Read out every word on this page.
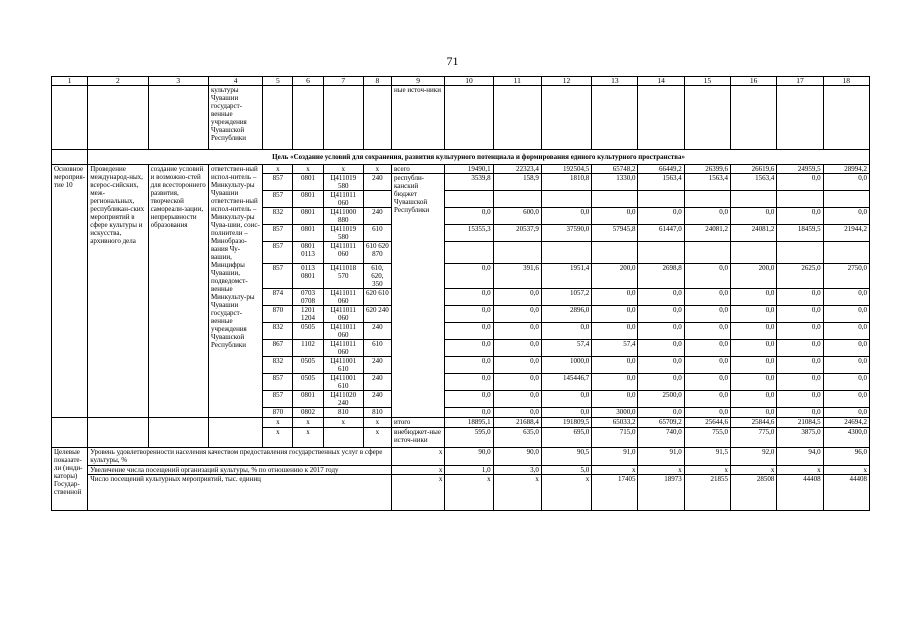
71
1	2	3	4	5	6	7	8	9	10	11	12	13	14	15	16	17	18
			культуры Чувашии государст-венные учреждения Чувашской Республики					ные источ-ники									
	Цель «Создание условий для сохранения, развития культурного потенциала и формирования единого культурного пространства»																
Основное мероприя-тие 10	Проведение международ-ных, всерос-сийских, меж-региональных, республикан-ских мероприятий в сфере культуры и искусства, архивного дела	создание условий и возможно-стей для всестороннего развития, творческой самореали-зации, непрерывности образования	ответствен-ный испол-нитель – Минкульту-ры Чувашии ответствен-ный испол-нитель – Минкульту-ры Чува-шии, соис-полнители – Минобразо-вания Чу-вашии, Минцифры Чувашии, подведомст-венные Минкульту-ры Чувашии государст-венные учреждения Чувашской Республики	x	x	x	x	всего	19490,1	22323,4	192504,5	65748,2	66449,2	26399,6	26619,6	24959,5	28994,2
				857	0801	Ц411019 580	240	республи-канский бюджет Чувашской Республики	3539,8	158,9	1810,8	1330,0	1563,4	1563,4	1563,4	0,0	0,0
				857	0801	Ц411011 060											
				832	0801	Ц411000 880	240		0,0	600,0	0,0	0,0	0,0	0,0	0,0	0,0	0,0
				857	0801	Ц411019 580	610		15355,3	20537,9	37590,0	57945,8	61447,0	24081,2	24081,2	18459,5	21944,2
				857	0801 0113	Ц411011 060	610 620 870										
				857	0113 0801	Ц411018 570	610, 620, 350		0,0	391,6	1951,4	200,0	2698,8	0,0	200,0	2625,0	2750,0
				874	0703 0708	Ц411011 060	620 610		0,0	0,0	1057,2	0,0	0,0	0,0	0,0	0,0	0,0
				870	1201 1204	Ц411011 060	620 240		0,0	0,0	2896,0	0,0	0,0	0,0	0,0	0,0	0,0
				832	0505	Ц411011 060	240		0,0	0,0	0,0	0,0	0,0	0,0	0,0	0,0	0,0
				867	1102	Ц411011 060	610		0,0	0,0	57,4	57,4	0,0	0,0	0,0	0,0	0,0
				832	0505	Ц411001 610	240		0,0	0,0	1000,0	0,0	0,0	0,0	0,0	0,0	0,0
				857	0505	Ц411001 610	240		0,0	0,0	145446,7	0,0	0,0	0,0	0,0	0,0	0,0
				857	0801	Ц411020 240	240		0,0	0,0	0,0	0,0	2500,0	0,0	0,0	0,0	0,0
				870	0802	810	810		0,0	0,0	0,0	3000,0	0,0	0,0	0,0	0,0	0,0
				x	x	x	x	итого	18895,1	21688,4	191809,5	65033,2	65709,2	25644,6	25844,6	21084,5	24694,2
				x	x		x	внебюджет-ные источ-ники	595,0	635,0	695,0	715,0	740,0	755,0	775,0	3875,0	4300,0
Целевые показате-ли (инди-каторы) Государ-ственной	Уровень удовлетворенности населения качеством предоставления государственных услуг в сфере культуры, %							x	90,0	90,0	90,5	91,0	91,0	91,5	92,0	94,0	96,0
	Увеличение числа посещений организаций культуры, % по отношению к 2017 году							x	1,0	3,0	5,0	x	x	x	x	x	x
	Число посещений культурных мероприятий, тыс. единиц							x	x	x	x	17405	18973	21855	28508	44408	44408
